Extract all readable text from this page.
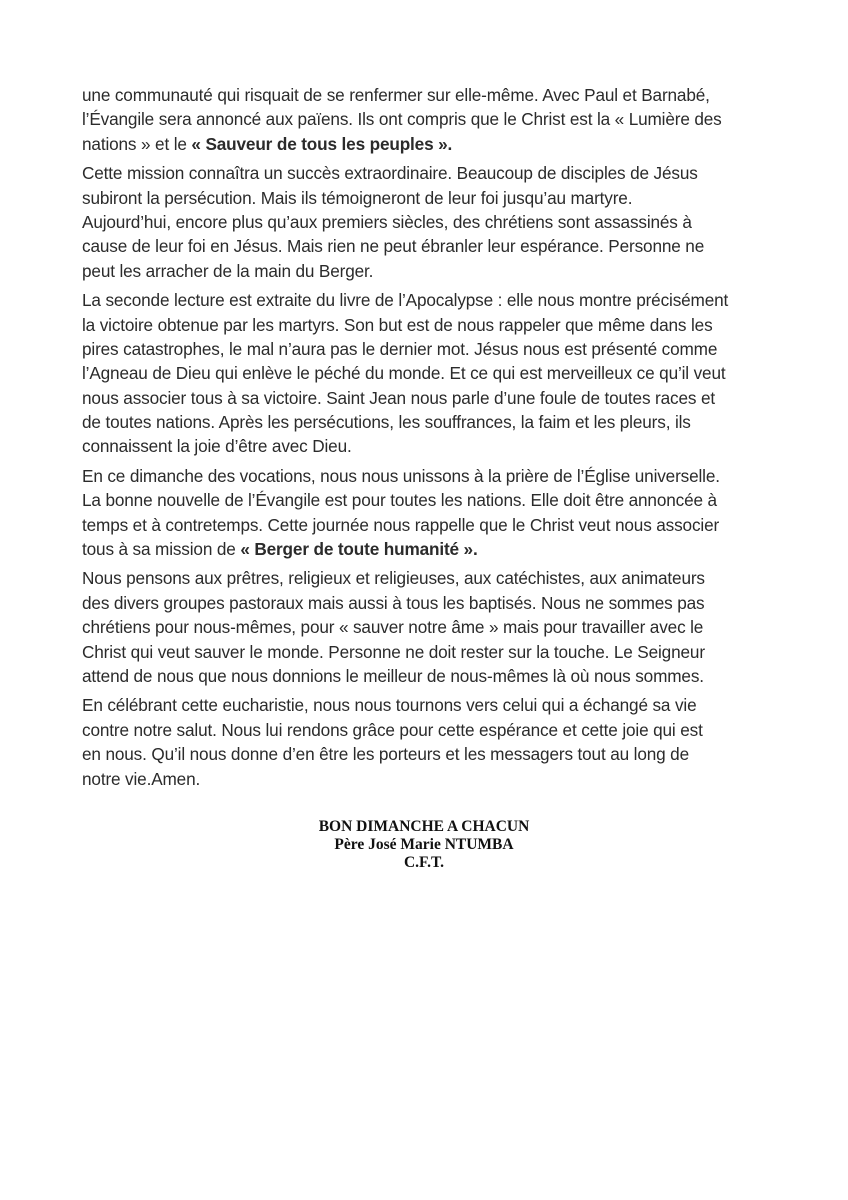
une communauté qui risquait de se renfermer sur elle-même. Avec Paul et Barnabé,
l’Évangile sera annoncé aux païens. Ils ont compris que le Christ est la « Lumière des
nations » et le « Sauveur de tous les peuples ».

Cette mission connaîtra un succès extraordinaire. Beaucoup de disciples de Jésus
subiront la persécution. Mais ils témoigneront de leur foi jusqu’au martyre.
Aujourd’hui, encore plus qu’aux premiers siècles, des chrétiens sont assassinés à
cause de leur foi en Jésus. Mais rien ne peut ébranler leur espérance. Personne ne
peut les arracher de la main du Berger.

La seconde lecture est extraite du livre de l’Apocalypse : elle nous montre précisément
la victoire obtenue par les martyrs. Son but est de nous rappeler que même dans les
pires catastrophes, le mal n’aura pas le dernier mot. Jésus nous est présenté comme
l’Agneau de Dieu qui enlève le péché du monde. Et ce qui est merveilleux ce qu’il veut
nous associer tous à sa victoire. Saint Jean nous parle d’une foule de toutes races et
de toutes nations. Après les persécutions, les souffrances, la faim et les pleurs, ils
connaissent la joie d’être avec Dieu.

En ce dimanche des vocations, nous nous unissons à la prière de l’Église universelle.
La bonne nouvelle de l’Évangile est pour toutes les nations. Elle doit être annoncée à
temps et à contretemps. Cette journée nous rappelle que le Christ veut nous associer
tous à sa mission de « Berger de toute humanité ».

Nous pensons aux prêtres, religieux et religieuses, aux catéchistes, aux animateurs
des divers groupes pastoraux mais aussi à tous les baptisés. Nous ne sommes pas
chrétiens pour nous-mêmes, pour « sauver notre âme » mais pour travailler avec le
Christ qui veut sauver le monde. Personne ne doit rester sur la touche. Le Seigneur
attend de nous que nous donnions le meilleur de nous-mêmes là où nous sommes.

En célébrant cette eucharistie, nous nous tournons vers celui qui a échangé sa vie
contre notre salut. Nous lui rendons grâce pour cette espérance et cette joie qui est
en nous. Qu’il nous donne d’en être les porteurs et les messagers tout au long de
notre vie.Amen.

BON DIMANCHE A CHACUN
Père José Marie NTUMBA
C.F.T.
